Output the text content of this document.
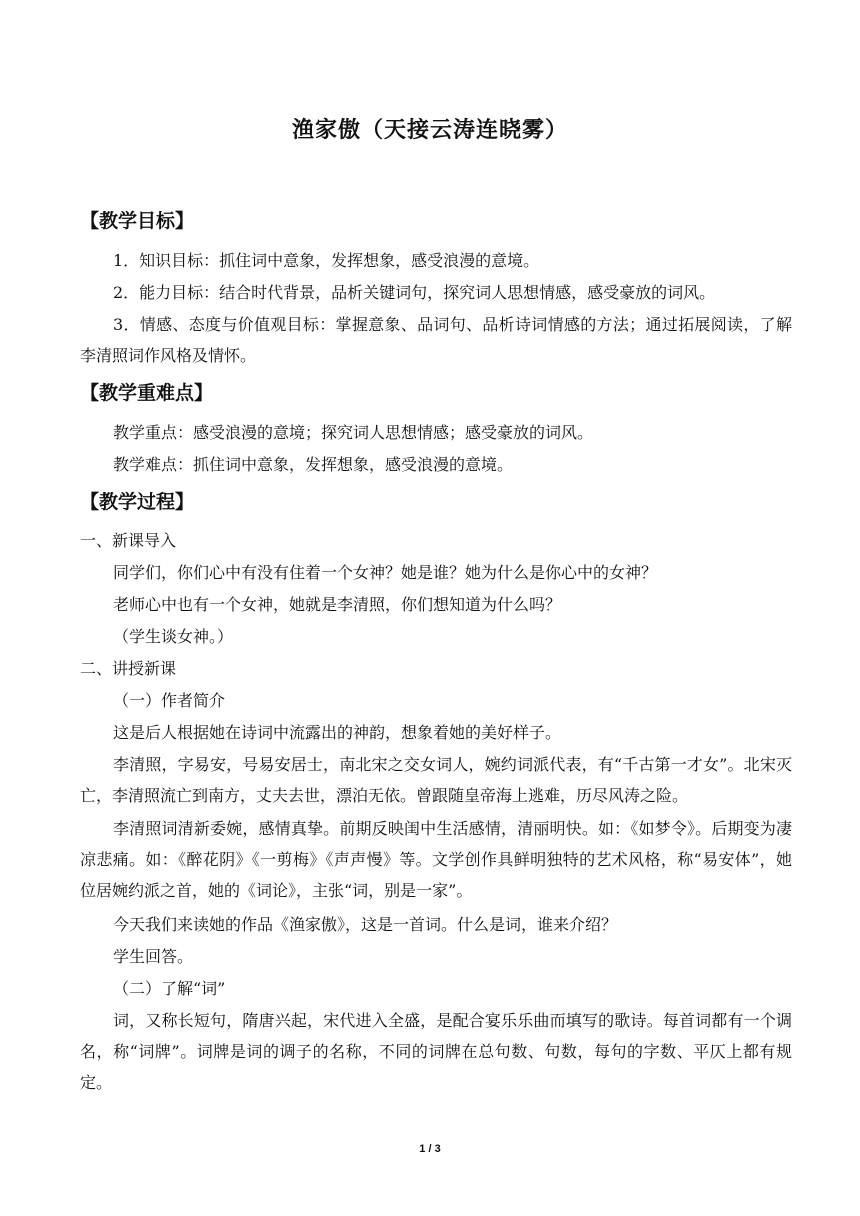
渔家傲（天接云涛连晓雾）
【教学目标】
1．知识目标：抓住词中意象，发挥想象，感受浪漫的意境。
2．能力目标：结合时代背景，品析关键词句，探究词人思想情感，感受豪放的词风。
3．情感、态度与价值观目标：掌握意象、品词句、品析诗词情感的方法；通过拓展阅读，了解李清照词作风格及情怀。
【教学重难点】
教学重点：感受浪漫的意境；探究词人思想情感；感受豪放的词风。
教学难点：抓住词中意象，发挥想象，感受浪漫的意境。
【教学过程】
一、新课导入
同学们，你们心中有没有住着一个女神？她是谁？她为什么是你心中的女神？
老师心中也有一个女神，她就是李清照，你们想知道为什么吗？
（学生谈女神。）
二、讲授新课
（一）作者简介
这是后人根据她在诗词中流露出的神韵，想象着她的美好样子。
李清照，字易安，号易安居士，南北宋之交女词人，婉约词派代表，有“千古第一才女”。北宋灭亡，李清照流亡到南方，丈夫去世，漂泊无依。曾跟随皇帝海上逃难，历尽风涛之险。
李清照词清新委婉，感情真挚。前期反映闺中生活感情，清丽明快。如：《如梦令》。后期变为凄凉悲痛。如：《醉花阴》《一剪梅》《声声慢》等。文学创作具鲜明独特的艺术风格，称“易安体”，她位居婉约派之首，她的《词论》，主张“词，别是一家”。
今天我们来读她的作品《渔家傲》，这是一首词。什么是词，谁来介绍？
学生回答。
（二）了解“词”
词，又称长短句，隋唐兴起，宋代进入全盛，是配合宴乐乐曲而填写的歌诗。每首词都有一个调名，称“词牌”。词牌是词的调子的名称，不同的词牌在总句数、句数，每句的字数、平仄上都有规定。
1 / 3
